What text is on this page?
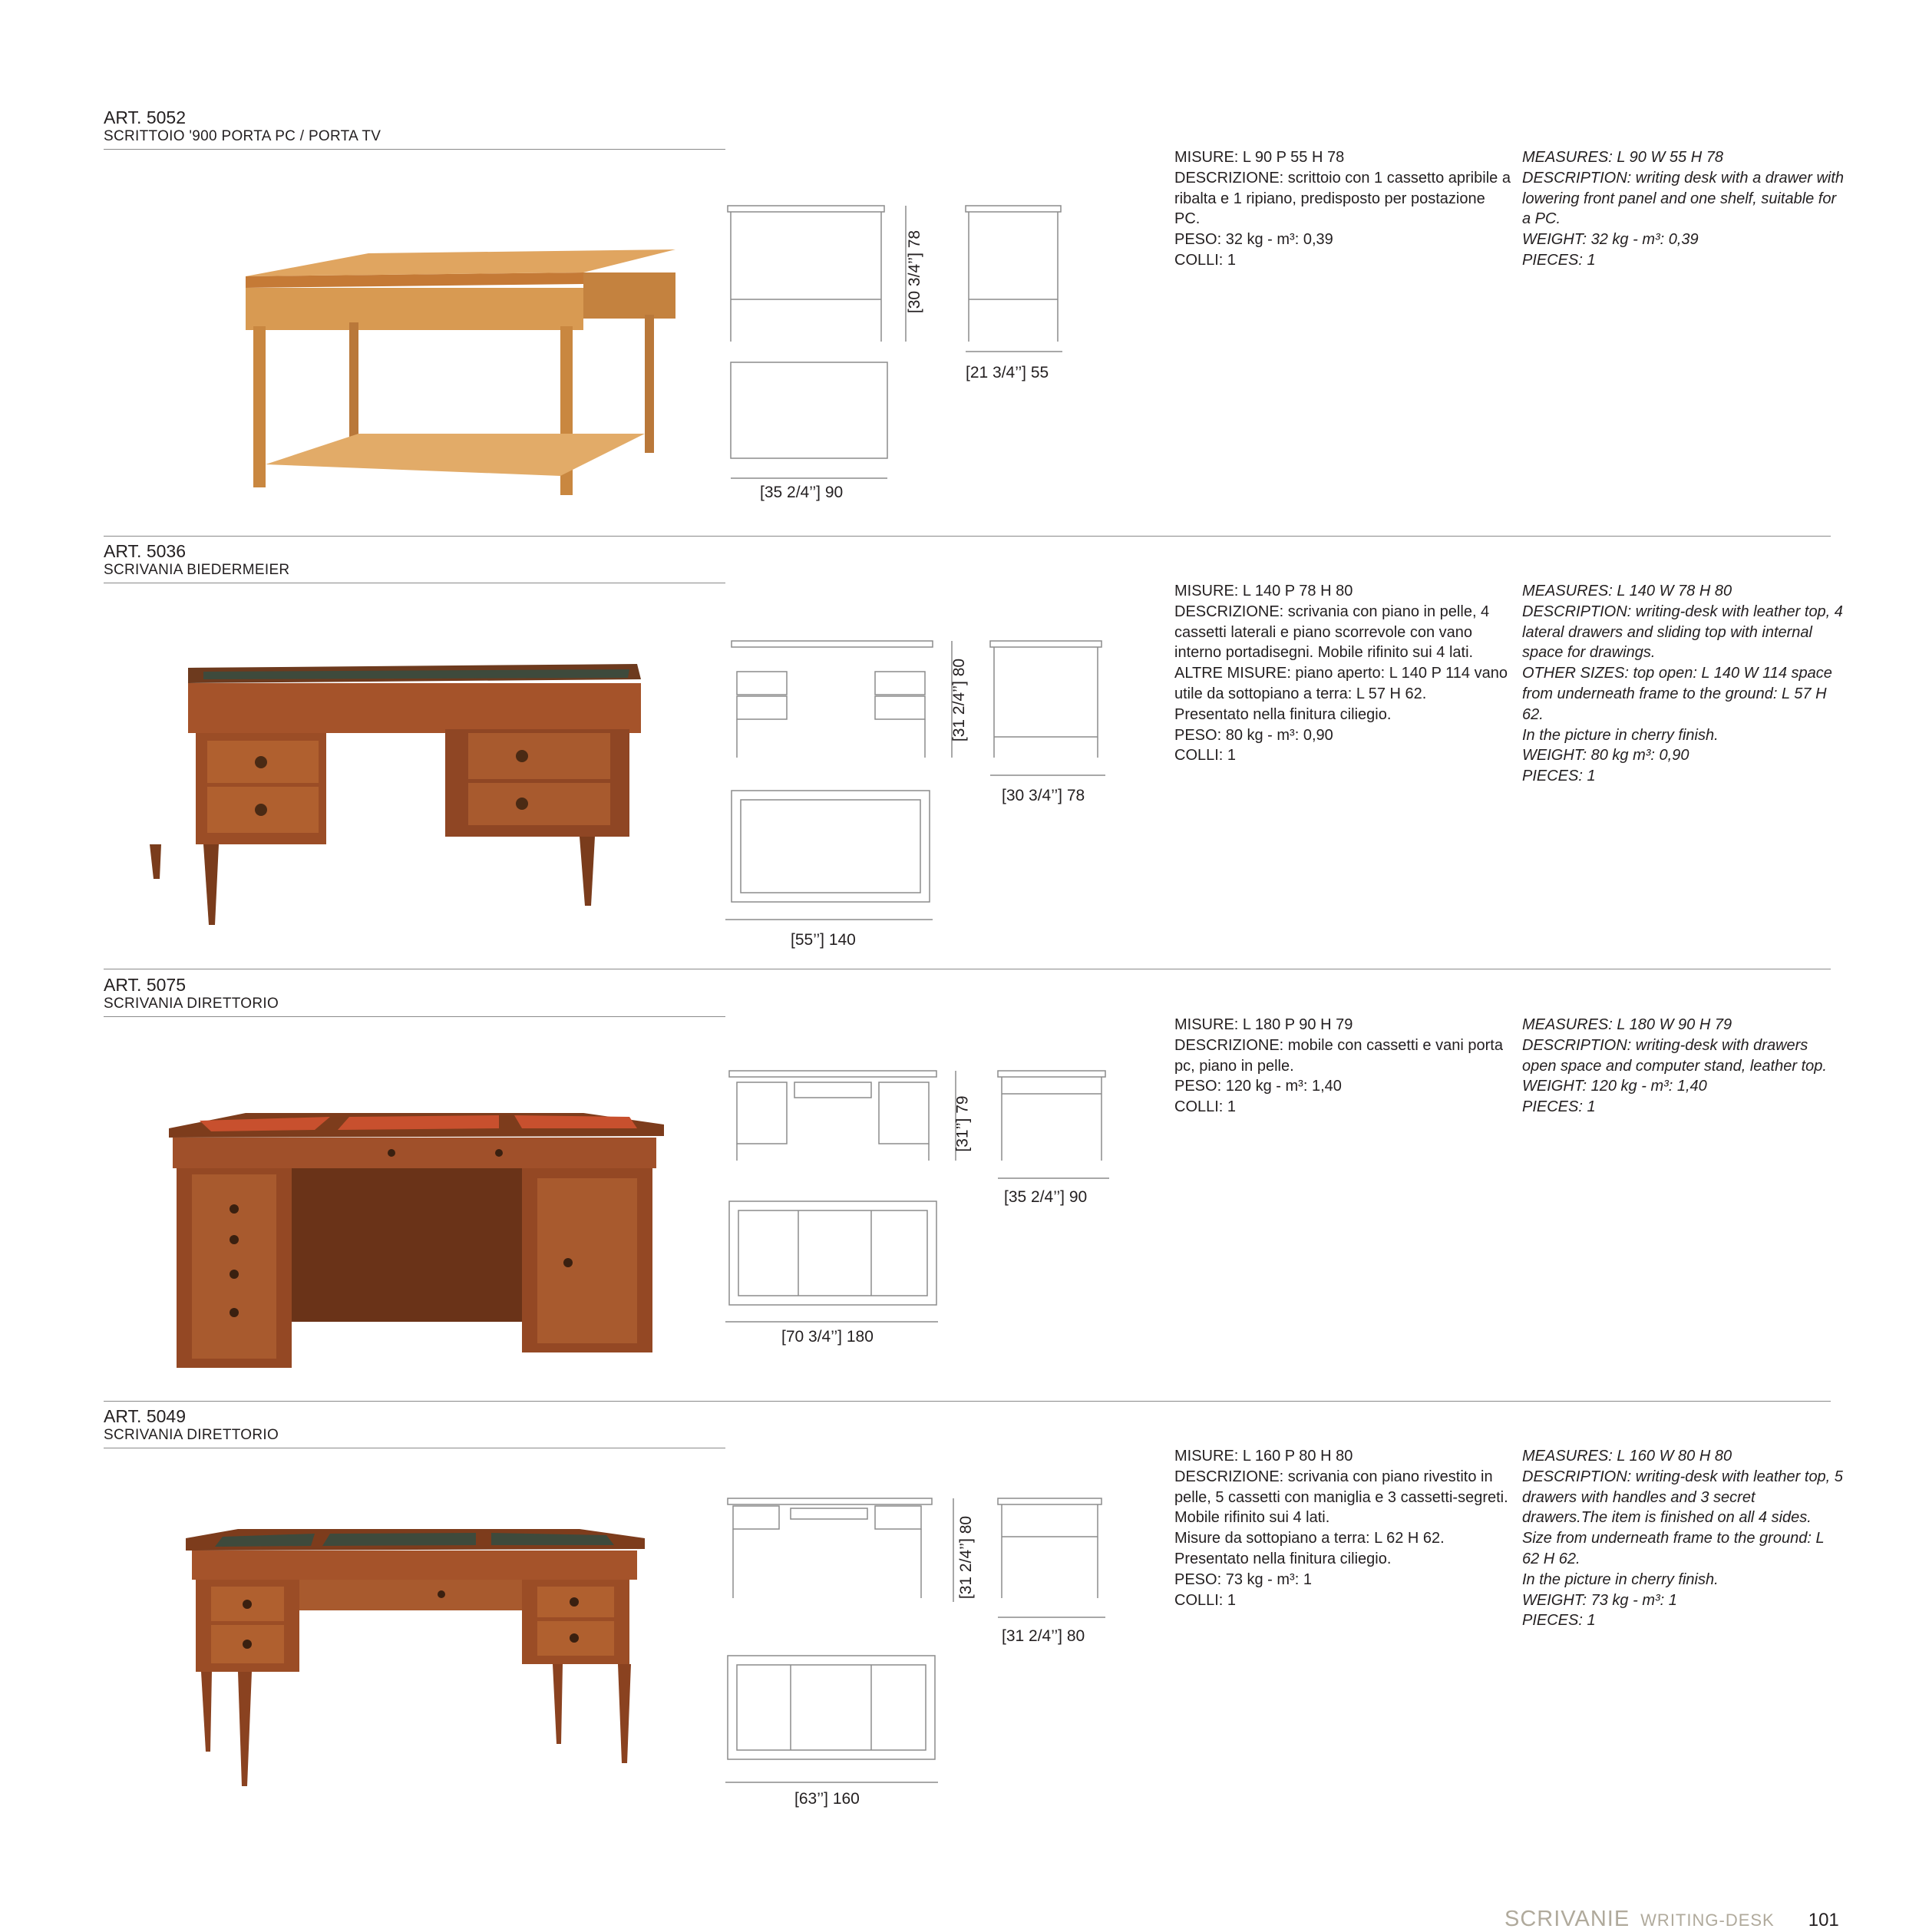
ART. 5052
SCRITTOIO '900 PORTA PC / PORTA TV
[30 3/4’’] 78
[21 3/4’’] 55
[35 2/4’’] 90
MISURE: L 90 P 55 H 78
DESCRIZIONE: scrittoio con 1 cassetto apribile a ribalta e 1 ripiano, predisposto per postazione PC.
PESO: 32 kg - m³: 0,39
COLLI: 1
MEASURES: L 90 W 55 H 78
DESCRIPTION: writing desk with a drawer with lowering front panel and one shelf, suitable for a PC.
WEIGHT: 32 kg - m³: 0,39
PIECES: 1
ART. 5036
SCRIVANIA BIEDERMEIER
[31 2/4’’] 80
[30 3/4’’] 78
[55’’] 140
MISURE: L 140 P 78 H 80
DESCRIZIONE: scrivania con piano in pelle, 4 cassetti laterali e piano scorrevole con vano interno portadisegni. Mobile rifinito sui 4 lati.
ALTRE MISURE: piano aperto: L 140 P 114 vano utile da sottopiano a terra: L 57 H 62.
Presentato nella finitura ciliegio.
PESO: 80 kg - m³: 0,90
COLLI: 1
MEASURES: L 140 W 78 H 80
DESCRIPTION: writing-desk with leather top, 4 lateral drawers and sliding top with internal space for drawings.
OTHER SIZES: top open: L 140 W 114 space from underneath frame to the ground: L 57 H 62.
In the picture in cherry finish.
WEIGHT: 80 kg m³: 0,90
PIECES: 1
ART. 5075
SCRIVANIA DIRETTORIO
[31’’] 79
[35 2/4’’] 90
[70 3/4’’] 180
MISURE: L 180 P 90 H 79
DESCRIZIONE: mobile con cassetti e vani porta pc, piano in pelle.
PESO: 120 kg - m³: 1,40
COLLI: 1
MEASURES: L 180 W 90 H 79
DESCRIPTION: writing-desk with drawers open space and computer stand, leather top.
WEIGHT: 120 kg - m³: 1,40
PIECES: 1
ART. 5049
SCRIVANIA DIRETTORIO
[31 2/4’’] 80
[31 2/4’’] 80
[63’’] 160
MISURE: L 160 P 80 H 80
DESCRIZIONE: scrivania con piano rivestito in pelle, 5 cassetti con maniglia e 3 cassetti-segreti. Mobile rifinito sui 4 lati.
Misure da sottopiano a terra: L 62 H 62.
Presentato nella finitura ciliegio.
PESO: 73 kg - m³: 1
COLLI: 1
MEASURES: L 160 W 80 H 80
DESCRIPTION: writing-desk with leather top, 5 drawers with handles and 3 secret drawers.The item is finished on all 4 sides.
Size from underneath frame to the ground: L 62 H 62.
In the picture in cherry finish.
WEIGHT: 73 kg - m³: 1
PIECES: 1
SCRIVANIE WRITING-DESK 101
